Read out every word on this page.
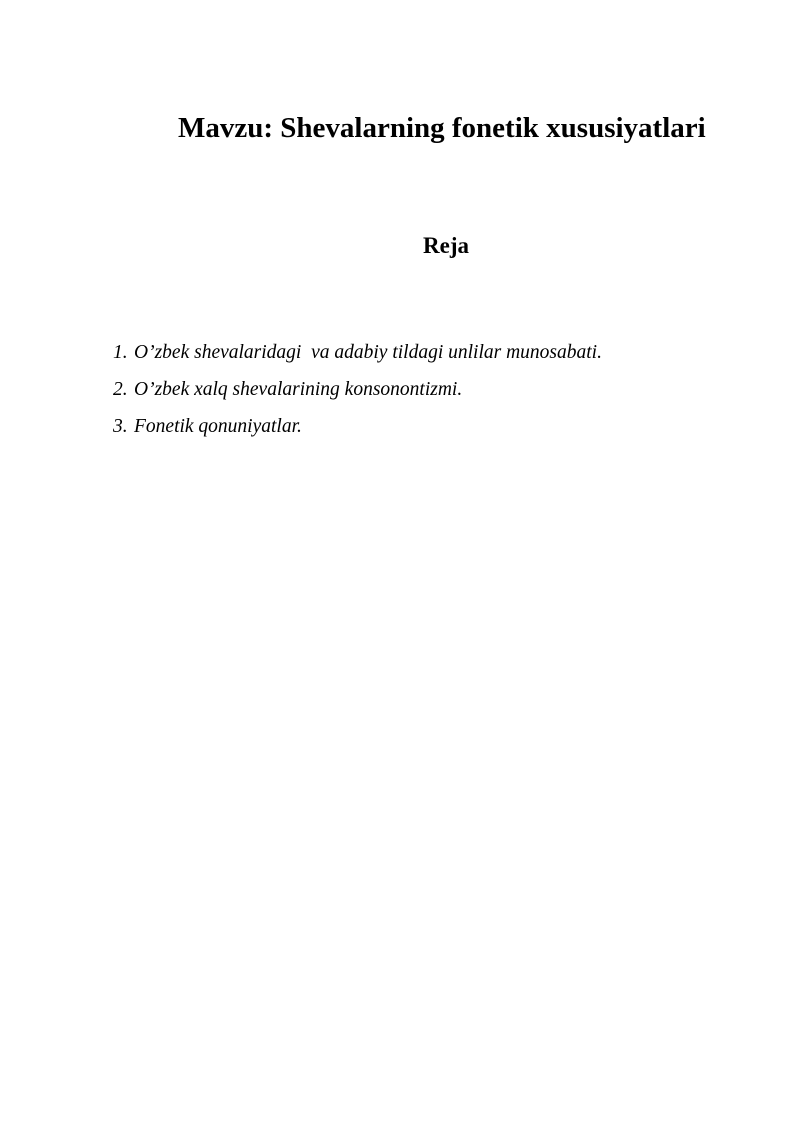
Mavzu: Shevalarning fonetik xususiyatlari
Reja
1. O’zbek shevalaridagi  va adabiy tildagi unlilar munosabati.
2. O’zbek xalq shevalarining konsonontizmi.
3. Fonetik qonuniyatlar.
